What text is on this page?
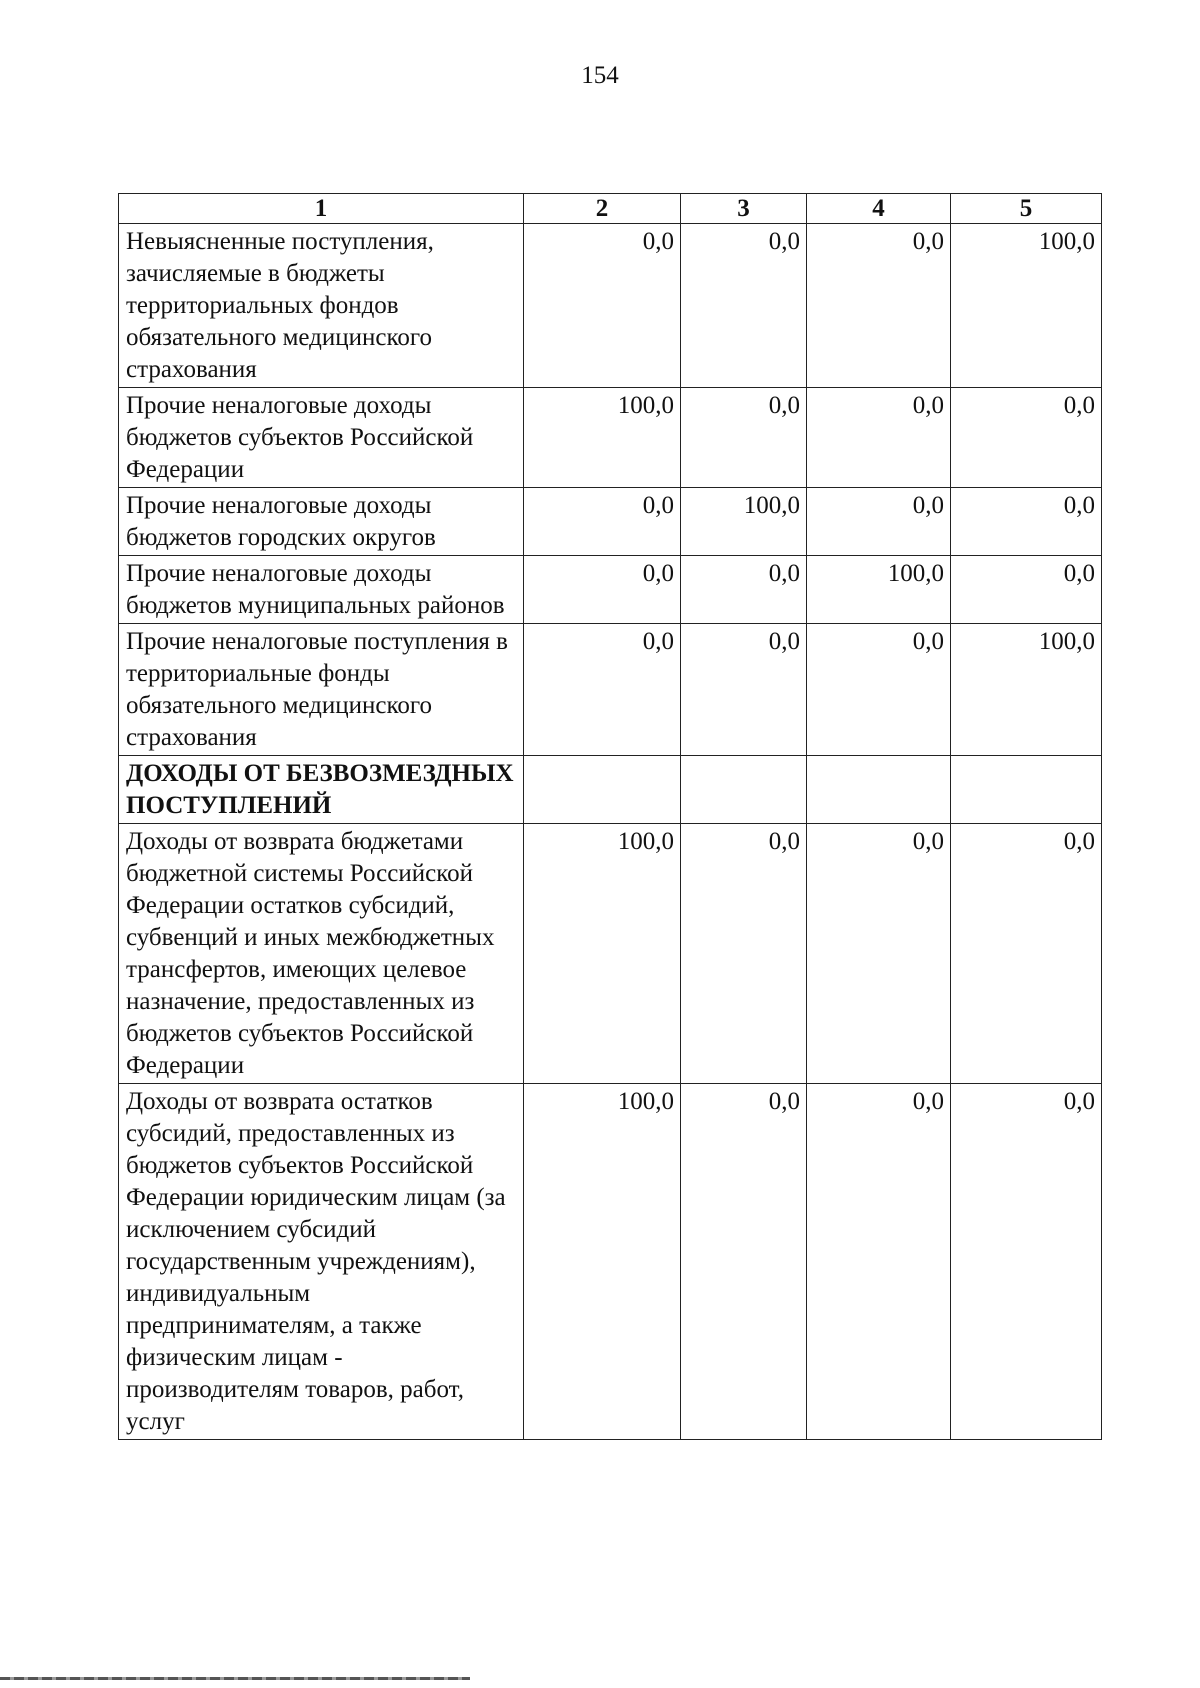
154
1	2	3	4	5
Невыясненные поступления, зачисляемые в бюджеты территориальных фондов обязательного медицинского страхования	0,0	0,0	0,0	100,0
Прочие неналоговые доходы бюджетов субъектов Российской Федерации	100,0	0,0	0,0	0,0
Прочие неналоговые доходы бюджетов городских округов	0,0	100,0	0,0	0,0
Прочие неналоговые доходы бюджетов муниципальных районов	0,0	0,0	100,0	0,0
Прочие неналоговые поступления в территориальные фонды обязательного медицинского страхования	0,0	0,0	0,0	100,0
ДОХОДЫ ОТ БЕЗВОЗМЕЗДНЫХ ПОСТУПЛЕНИЙ				
Доходы от возврата бюджетами бюджетной системы Российской Федерации остатков субсидий, субвенций и иных межбюджетных трансфертов, имеющих целевое назначение, предоставленных из бюджетов субъектов Российской Федерации	100,0	0,0	0,0	0,0
Доходы от возврата остатков субсидий, предоставленных из бюджетов субъектов Российской Федерации юридическим лицам (за исключением субсидий государственным учреждениям), индивидуальным предпринимателям, а также физическим лицам - производителям товаров, работ, услуг	100,0	0,0	0,0	0,0
